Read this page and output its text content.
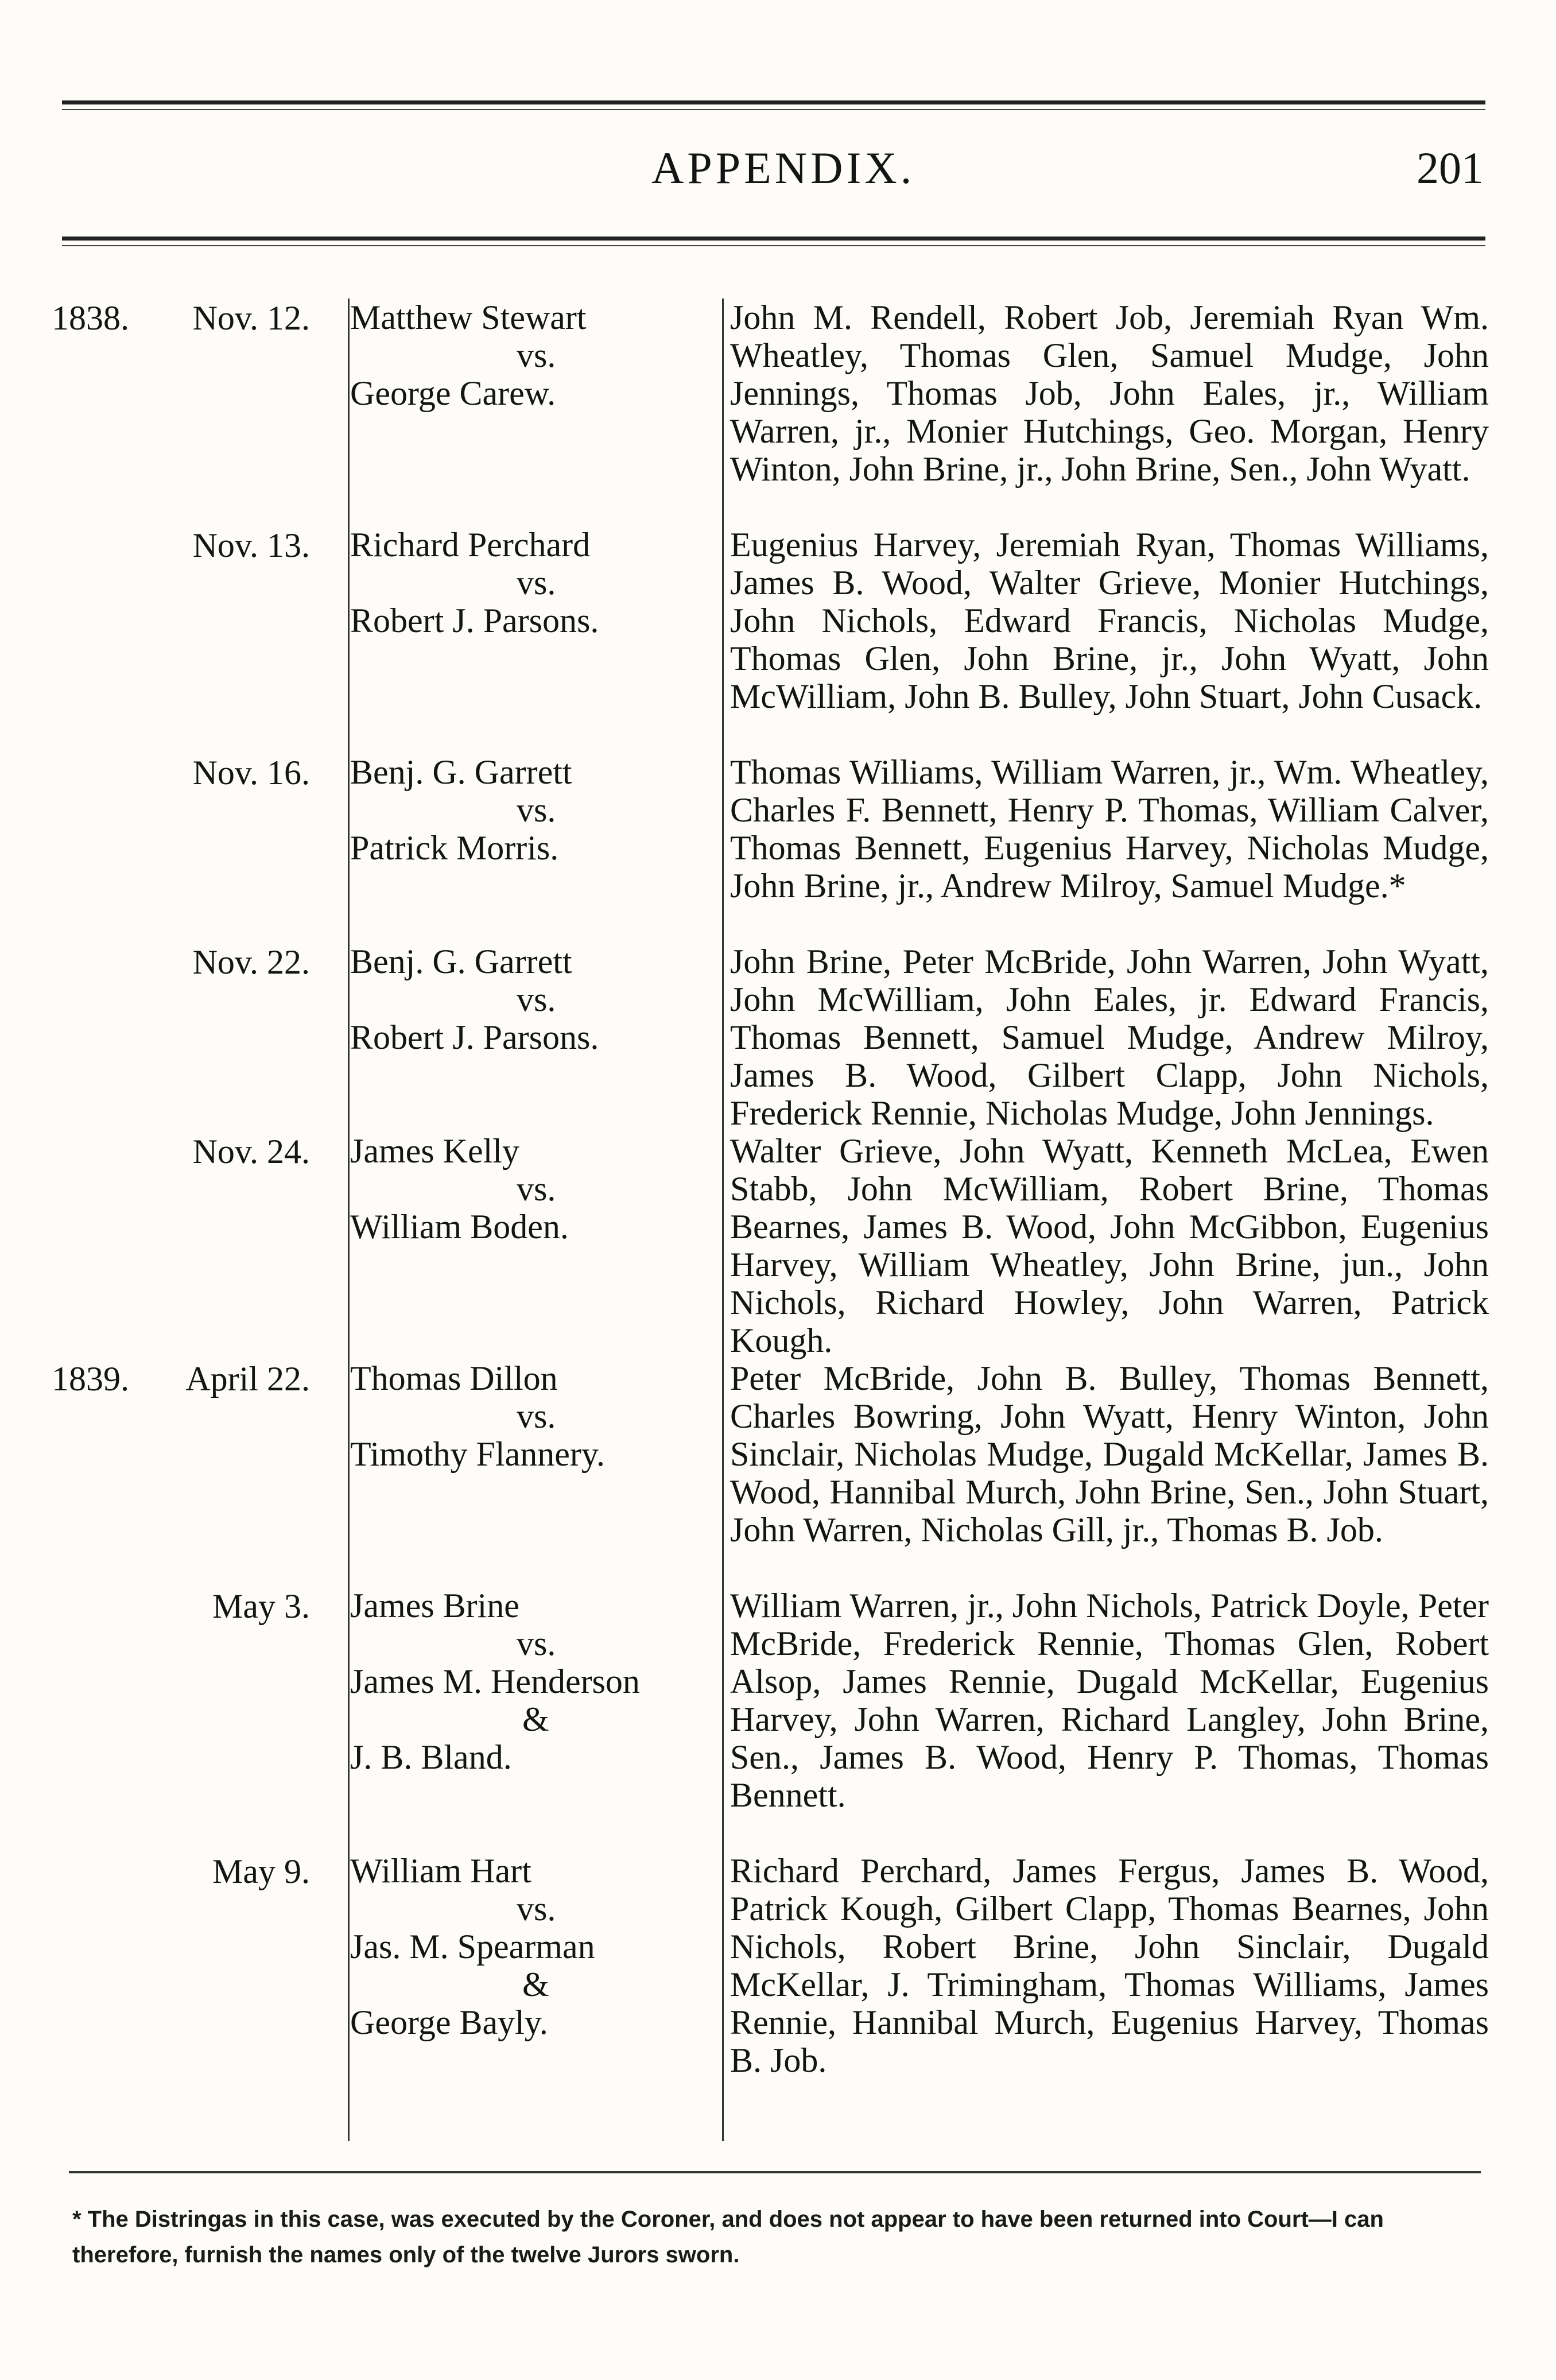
APPENDIX.	201
1838.	Nov. 12. Matthew Stewart
vs.
George Carew.
John M. Rendell, Robert Job, Jeremiah Ryan Wm. Wheatley, Thomas Glen, Samuel Mudge, John Jennings, Thomas Job, John Eales, jr., William Warren, jr., Monier Hutchings, Geo. Morgan, Henry Winton, John Brine, jr., John Brine, Sen., John Wyatt.
Nov. 13. Richard Perchard
vs.
Robert J. Parsons.
Eugenius Harvey, Jeremiah Ryan, Thomas Williams, James B. Wood, Walter Grieve, Monier Hutchings, John Nichols, Edward Francis, Nicholas Mudge, Thomas Glen, John Brine, jr., John Wyatt, John McWilliam, John B. Bulley, John Stuart, John Cusack.
Nov. 16. Benj. G. Garrett
vs.
Patrick Morris.
Thomas Williams, William Warren, jr., Wm. Wheatley, Charles F. Bennett, Henry P. Thomas, William Calver, Thomas Bennett, Eugenius Harvey, Nicholas Mudge, John Brine, jr., Andrew Milroy, Samuel Mudge.*
Nov. 22. Benj. G. Garrett
vs.
Robert J. Parsons.
John Brine, Peter McBride, John Warren, John Wyatt, John McWilliam, John Eales, jr. Edward Francis, Thomas Bennett, Samuel Mudge, Andrew Milroy, James B. Wood, Gilbert Clapp, John Nichols, Frederick Rennie, Nicholas Mudge, John Jennings.
Nov. 24. James Kelly
vs.
William Boden.
Walter Grieve, John Wyatt, Kenneth McLea, Ewen Stabb, John McWilliam, Robert Brine, Thomas Bearnes, James B. Wood, John McGibbon, Eugenius Harvey, William Wheatley, John Brine, jun., John Nichols, Richard Howley, John Warren, Patrick Kough.
1839.	April 22. Thomas Dillon
vs.
Timothy Flannery.
Peter McBride, John B. Bulley, Thomas Bennett, Charles Bowring, John Wyatt, Henry Winton, John Sinclair, Nicholas Mudge, Dugald McKellar, James B. Wood, Hannibal Murch, John Brine, Sen., John Stuart, John Warren, Nicholas Gill, jr., Thomas B. Job.
May 3. James Brine
vs.
James M. Henderson
&
J. B. Bland.
William Warren, jr., John Nichols, Patrick Doyle, Peter McBride, Frederick Rennie, Thomas Glen, Robert Alsop, James Rennie, Dugald McKellar, Eugenius Harvey, John Warren, Richard Langley, John Brine, Sen., James B. Wood, Henry P. Thomas, Thomas Bennett.
May 9. William Hart
vs.
Jas. M. Spearman
&
George Bayly.
Richard Perchard, James Fergus, James B. Wood, Patrick Kough, Gilbert Clapp, Thomas Bearnes, John Nichols, Robert Brine, John Sinclair, Dugald McKellar, J. Trimingham, Thomas Williams, James Rennie, Hannibal Murch, Eugenius Harvey, Thomas B. Job.
* The Distringas in this case, was executed by the Coroner, and does not appear to have been returned into Court—I can therefore, furnish the names only of the twelve Jurors sworn.
